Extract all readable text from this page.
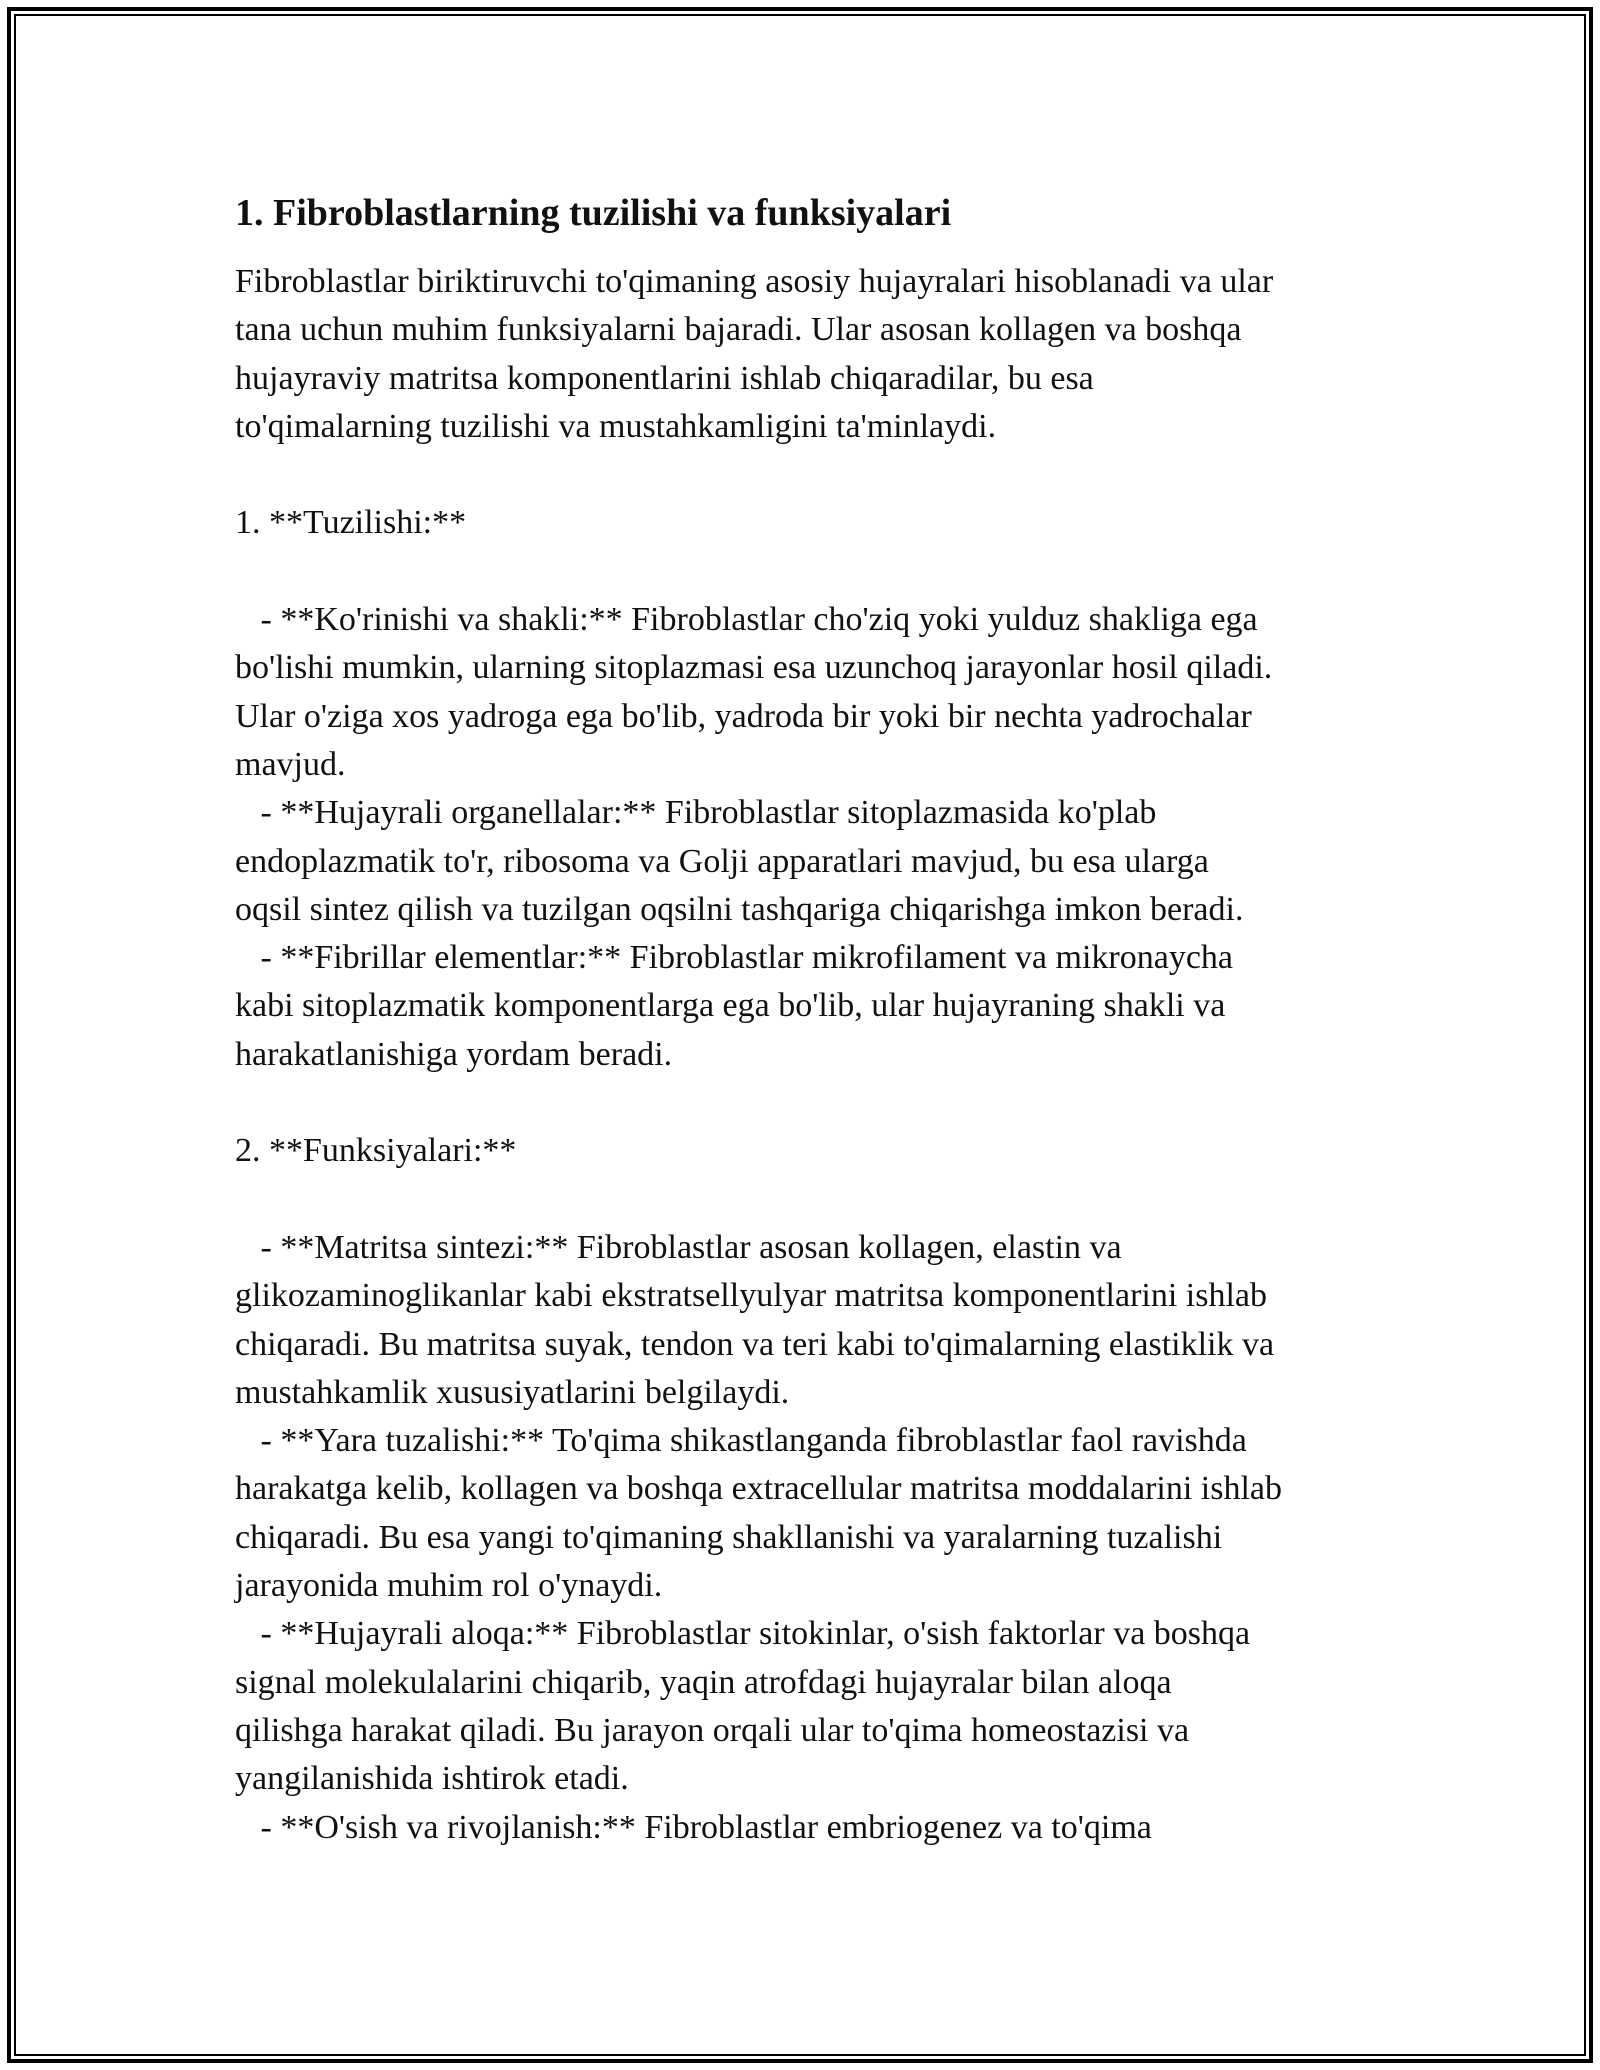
1. Fibroblastlarning tuzilishi va funksiyalari
Fibroblastlar biriktiruvchi to'qimaning asosiy hujayralari hisoblanadi va ular
tana uchun muhim funksiyalarni bajaradi. Ular asosan kollagen va boshqa
hujayraviy matritsa komponentlarini ishlab chiqaradilar, bu esa
to'qimalarning tuzilishi va mustahkamligini ta'minlaydi.
1. **Tuzilishi:**
- **Ko'rinishi va shakli:** Fibroblastlar cho'ziq yoki yulduz shakliga ega
bo'lishi mumkin, ularning sitoplazmasi esa uzunchoq jarayonlar hosil qiladi.
Ular o'ziga xos yadroga ega bo'lib, yadroda bir yoki bir nechta yadrochalar
mavjud.
- **Hujayrali organellalar:** Fibroblastlar sitoplazmasida ko'plab
endoplazmatik to'r, ribosoma va Golji apparatlari mavjud, bu esa ularga
oqsil sintez qilish va tuzilgan oqsilni tashqariga chiqarishga imkon beradi.
- **Fibrillar elementlar:** Fibroblastlar mikrofilament va mikronaycha
kabi sitoplazmatik komponentlarga ega bo'lib, ular hujayraning shakli va
harakatlanishiga yordam beradi.
2. **Funksiyalari:**
- **Matritsa sintezi:** Fibroblastlar asosan kollagen, elastin va
glikozaminoglikanlar kabi ekstratsellyulyar matritsa komponentlarini ishlab
chiqaradi. Bu matritsa suyak, tendon va teri kabi to'qimalarning elastiklik va
mustahkamlik xususiyatlarini belgilaydi.
- **Yara tuzalishi:** To'qima shikastlanganda fibroblastlar faol ravishda
harakatga kelib, kollagen va boshqa extracellular matritsa moddalarini ishlab
chiqaradi. Bu esa yangi to'qimaning shakllanishi va yaralarning tuzalishi
jarayonida muhim rol o'ynaydi.
- **Hujayrali aloqa:** Fibroblastlar sitokinlar, o'sish faktorlar va boshqa
signal molekulalarini chiqarib, yaqin atrofdagi hujayralar bilan aloqa
qilishga harakat qiladi. Bu jarayon orqali ular to'qima homeostazisi va
yangilanishida ishtirok etadi.
- **O'sish va rivojlanish:** Fibroblastlar embriogenez va to'qima
